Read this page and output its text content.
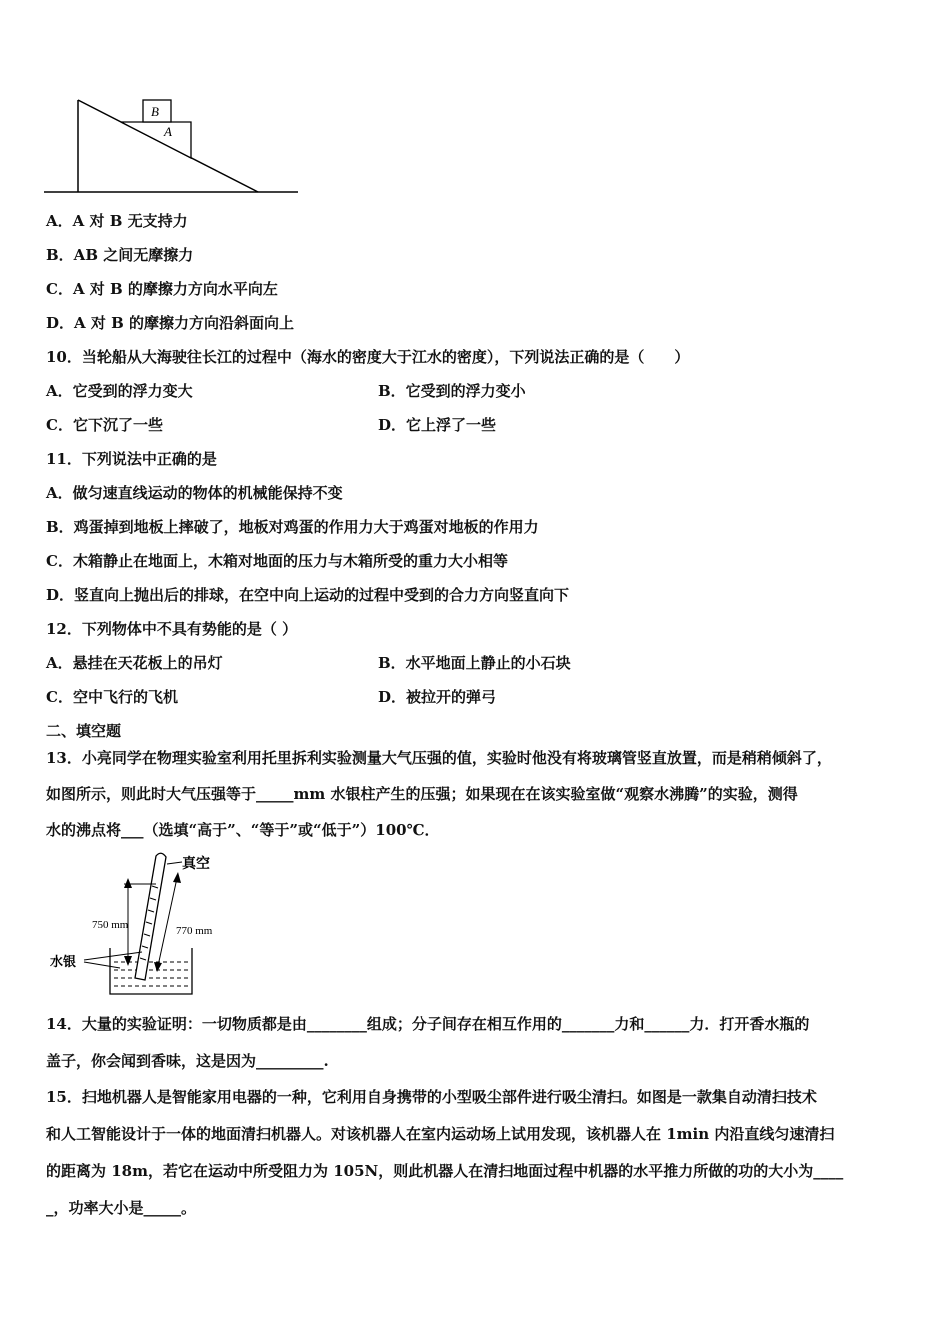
B
A
A．A 对 B 无支持力
B．AB 之间无摩擦力
C．A 对 B 的摩擦力方向水平向左
D．A 对 B 的摩擦力方向沿斜面向上
10．当轮船从大海驶往长江的过程中（海水的密度大于江水的密度），下列说法正确的是（　　）
A．它受到的浮力变大	B．它受到的浮力变小
C．它下沉了一些	D．它上浮了一些
11．下列说法中正确的是
A．做匀速直线运动的物体的机械能保持不变
B．鸡蛋掉到地板上摔破了，地板对鸡蛋的作用力大于鸡蛋对地板的作用力
C．木箱静止在地面上，木箱对地面的压力与木箱所受的重力大小相等
D．竖直向上抛出后的排球，在空中向上运动的过程中受到的合力方向竖直向下
12．下列物体中不具有势能的是（ ）
A．悬挂在天花板上的吊灯	B．水平地面上静止的小石块
C．空中飞行的飞机	D．被拉开的弹弓
二、填空题
13．小亮同学在物理实验室利用托里拆利实验测量大气压强的值，实验时他没有将玻璃管竖直放置，而是稍稍倾斜了，
如图所示，则此时大气压强等于_____mm 水银柱产生的压强；如果现在在该实验室做“观察水沸腾”的实验，测得
水的沸点将___（选填“高于”、“等于”或“低于”）100℃．
真空
750 mm	770 mm
水银
14．大量的实验证明：一切物质都是由________组成；分子间存在相互作用的_______力和______力．打开香水瓶的
盖子，你会闻到香味，这是因为_________.
15．扫地机器人是智能家用电器的一种，它利用自身携带的小型吸尘部件进行吸尘清扫。如图是一款集自动清扫技术
和人工智能设计于一体的地面清扫机器人。对该机器人在室内运动场上试用发现，该机器人在 1min 内沿直线匀速清扫
的距离为 18m，若它在运动中所受阻力为 105N，则此机器人在清扫地面过程中机器的水平推力所做的功的大小为____
_，功率大小是_____。
